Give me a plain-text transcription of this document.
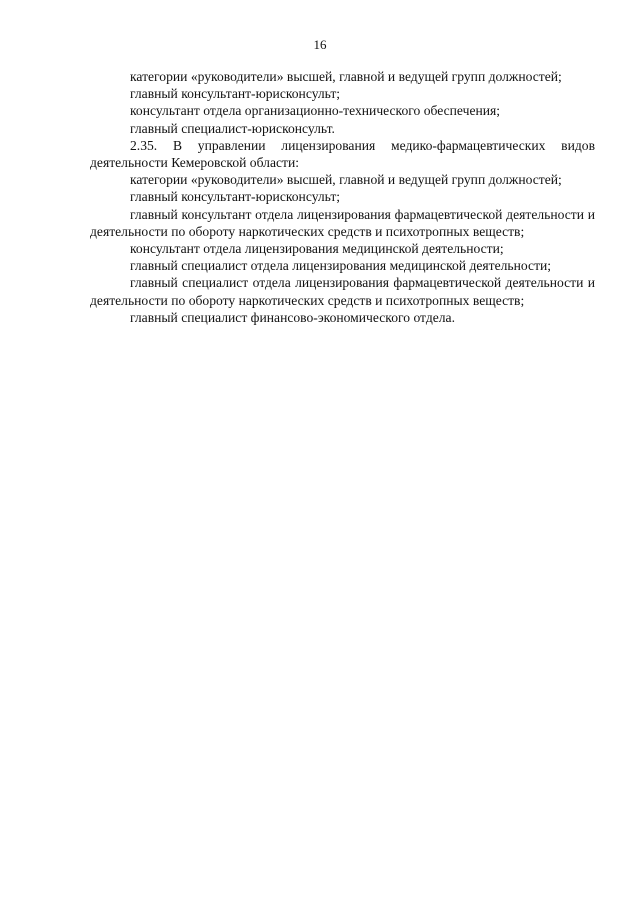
16

категории «руководители» высшей, главной и ведущей групп должностей;

главный консультант-юрисконсульт;

консультант отдела организационно-технического обеспечения;

главный специалист-юрисконсульт.

2.35. В управлении лицензирования медико-фармацевтических видов деятельности Кемеровской области:

категории «руководители» высшей, главной и ведущей групп должностей;

главный консультант-юрисконсульт;

главный консультант отдела лицензирования фармацевтической деятельности и деятельности по обороту наркотических средств и психотропных веществ;

консультант отдела лицензирования медицинской деятельности;

главный специалист отдела лицензирования медицинской деятельности;

главный специалист отдела лицензирования фармацевтической деятельности и деятельности по обороту наркотических средств и психотропных веществ;

главный специалист финансово-экономического отдела.
